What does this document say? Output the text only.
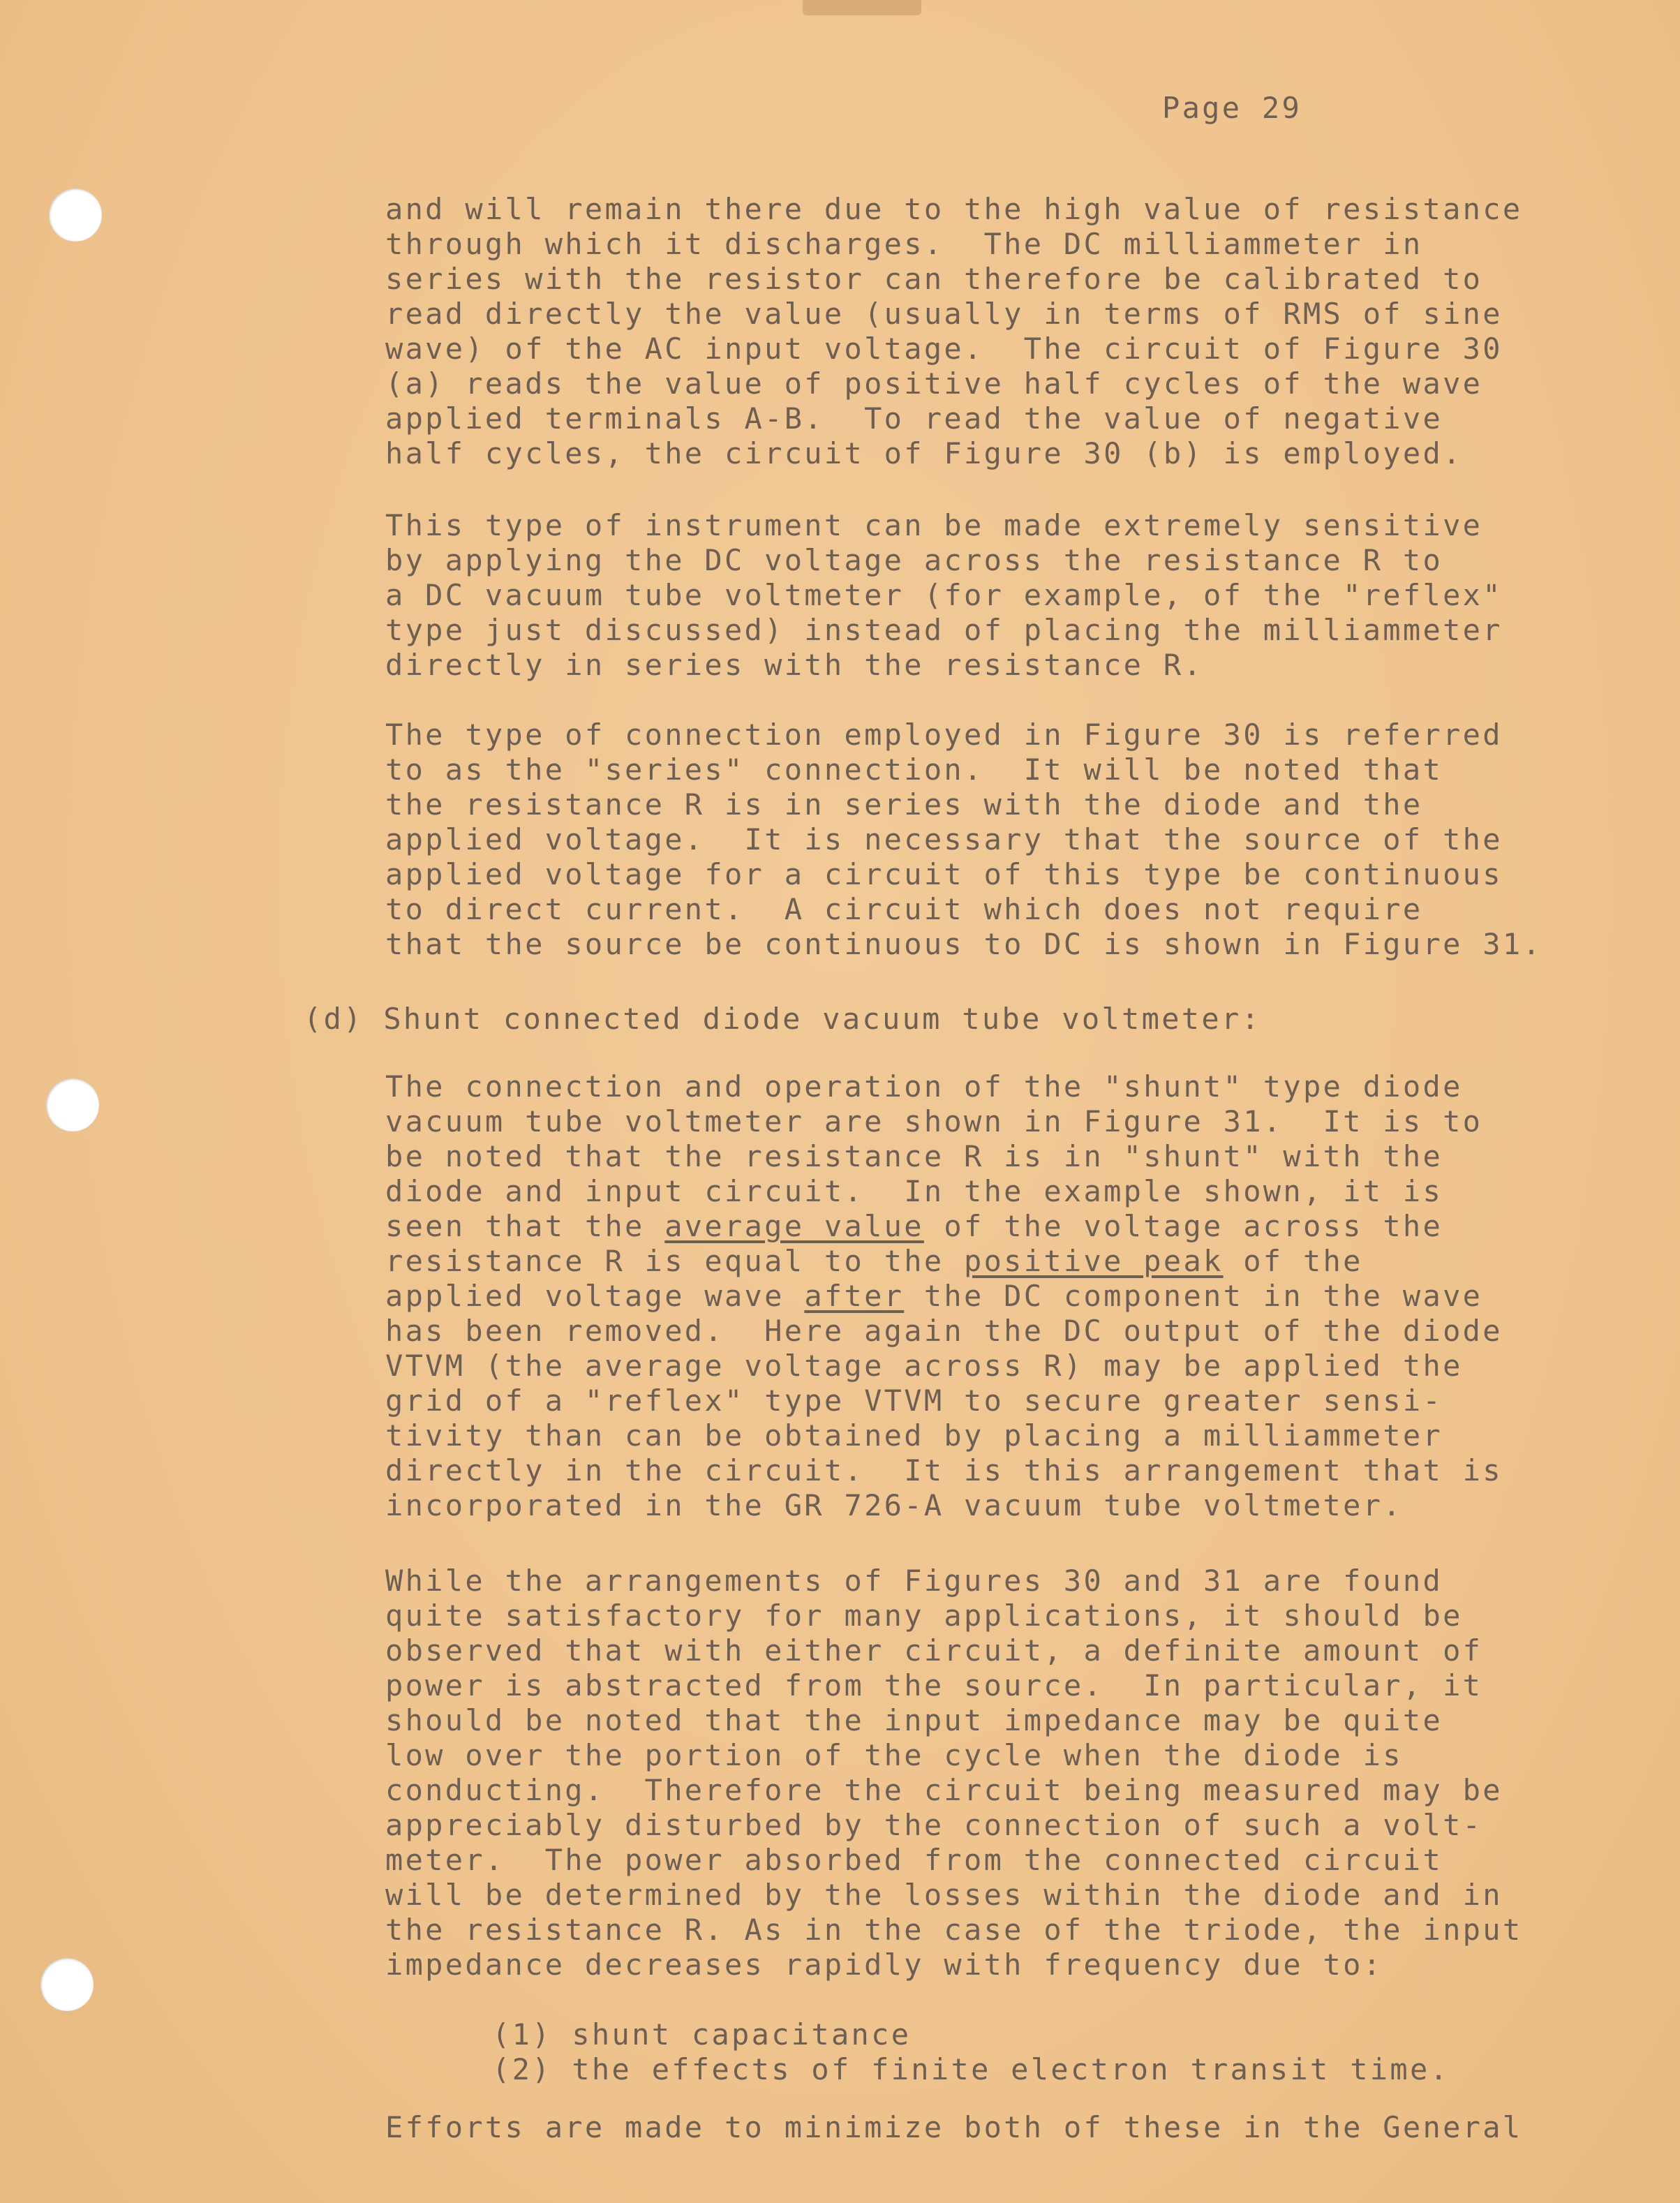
Page 29

and will remain there due to the high value of resistance
through which it discharges.  The DC milliammeter in
series with the resistor can therefore be calibrated to
read directly the value (usually in terms of RMS of sine
wave) of the AC input voltage.  The circuit of Figure 30
(a) reads the value of positive half cycles of the wave
applied terminals A-B.  To read the value of negative
half cycles, the circuit of Figure 30 (b) is employed.

This type of instrument can be made extremely sensitive
by applying the DC voltage across the resistance R to
a DC vacuum tube voltmeter (for example, of the "reflex"
type just discussed) instead of placing the milliammeter
directly in series with the resistance R.

The type of connection employed in Figure 30 is referred
to as the "series" connection.  It will be noted that
the resistance R is in series with the diode and the
applied voltage.  It is necessary that the source of the
applied voltage for a circuit of this type be continuous
to direct current.  A circuit which does not require
that the source be continuous to DC is shown in Figure 31.

(d) Shunt connected diode vacuum tube voltmeter:

The connection and operation of the "shunt" type diode
vacuum tube voltmeter are shown in Figure 31.  It is to
be noted that the resistance R is in "shunt" with the
diode and input circuit.  In the example shown, it is
seen that the average value of the voltage across the
resistance R is equal to the positive peak of the
applied voltage wave after the DC component in the wave
has been removed.  Here again the DC output of the diode
VTVM (the average voltage across R) may be applied the
grid of a "reflex" type VTVM to secure greater sensi-
tivity than can be obtained by placing a milliammeter
directly in the circuit.  It is this arrangement that is
incorporated in the GR 726-A vacuum tube voltmeter.

While the arrangements of Figures 30 and 31 are found
quite satisfactory for many applications, it should be
observed that with either circuit, a definite amount of
power is abstracted from the source.  In particular, it
should be noted that the input impedance may be quite
low over the portion of the cycle when the diode is
conducting.  Therefore the circuit being measured may be
appreciably disturbed by the connection of such a volt-
meter.  The power absorbed from the connected circuit
will be determined by the losses within the diode and in
the resistance R. As in the case of the triode, the input
impedance decreases rapidly with frequency due to:

(1) shunt capacitance
(2) the effects of finite electron transit time.

Efforts are made to minimize both of these in the General
